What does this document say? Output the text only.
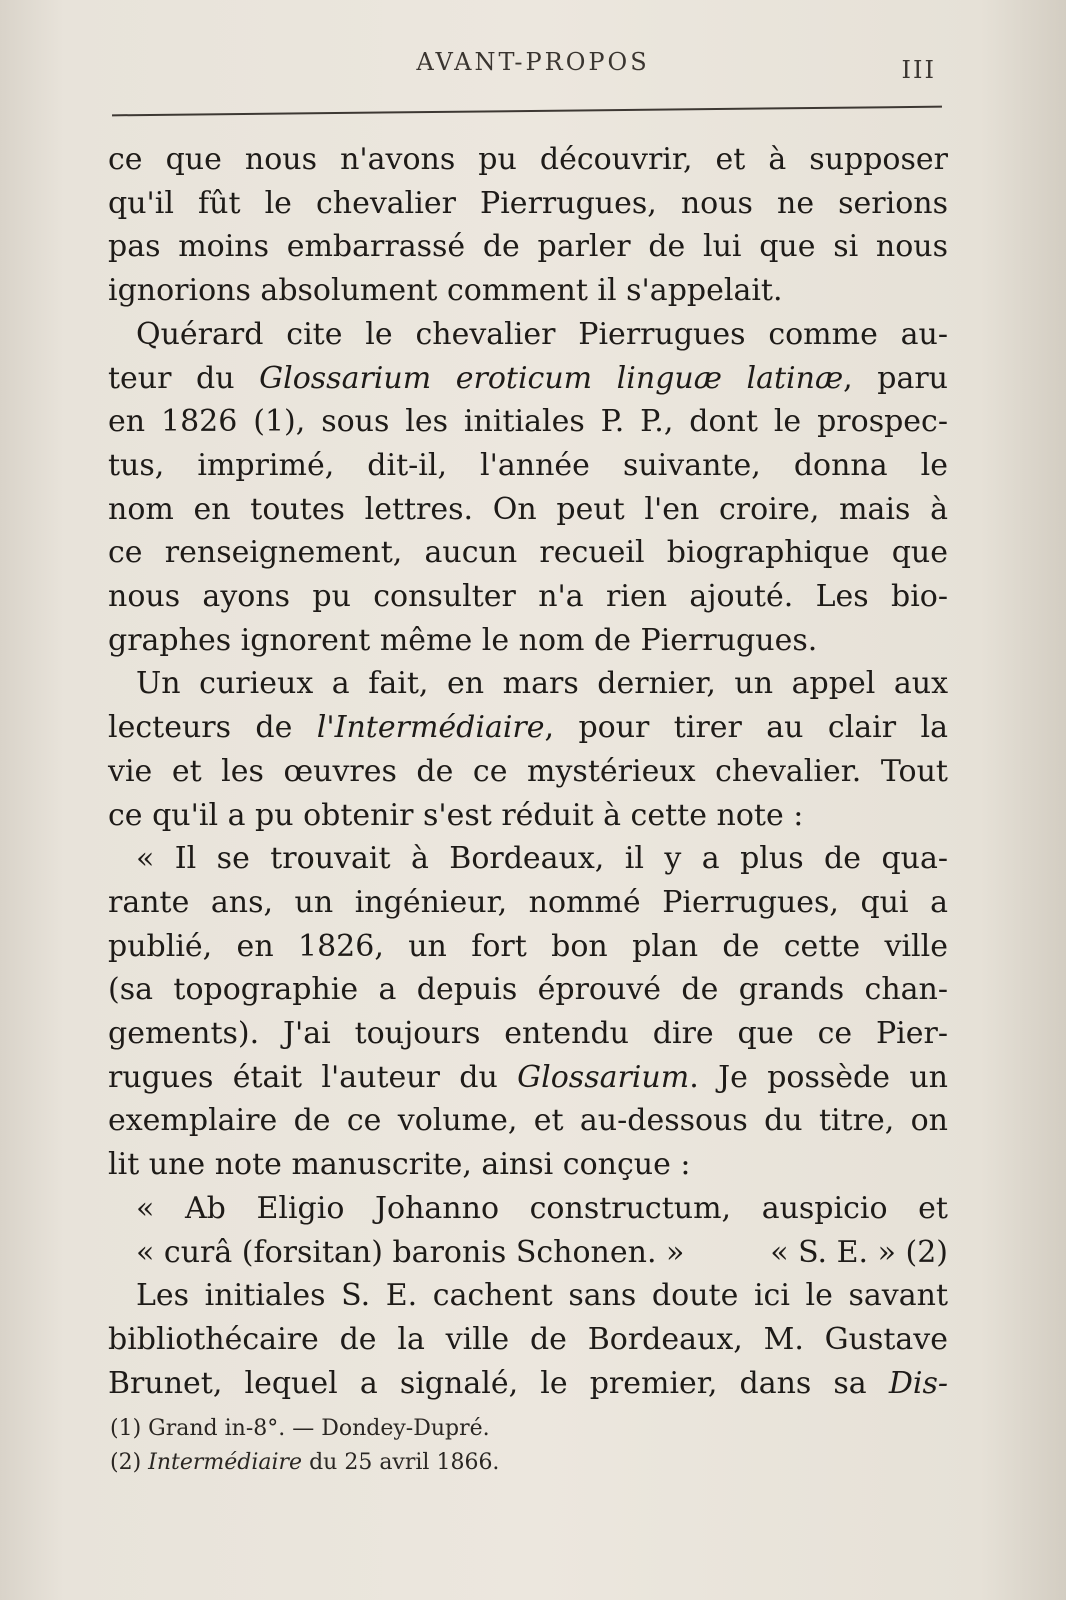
AVANT-PROPOS	III
ce que nous n'avons pu découvrir, et à supposer
qu'il fût le chevalier Pierrugues, nous ne serions
pas moins embarrassé de parler de lui que si nous
ignorions absolument comment il s'appelait.
Quérard cite le chevalier Pierrugues comme au-
teur du Glossarium eroticum linguæ latinæ, paru
en 1826 (1), sous les initiales P. P., dont le prospec-
tus, imprimé, dit-il, l'année suivante, donna le
nom en toutes lettres. On peut l'en croire, mais à
ce renseignement, aucun recueil biographique que
nous ayons pu consulter n'a rien ajouté. Les bio-
graphes ignorent même le nom de Pierrugues.
Un curieux a fait, en mars dernier, un appel aux
lecteurs de l'Intermédiaire, pour tirer au clair la
vie et les œuvres de ce mystérieux chevalier. Tout
ce qu'il a pu obtenir s'est réduit à cette note :
« Il se trouvait à Bordeaux, il y a plus de qua-
rante ans, un ingénieur, nommé Pierrugues, qui a
publié, en 1826, un fort bon plan de cette ville
(sa topographie a depuis éprouvé de grands chan-
gements). J'ai toujours entendu dire que ce Pier-
rugues était l'auteur du Glossarium. Je possède un
exemplaire de ce volume, et au-dessous du titre, on
lit une note manuscrite, ainsi conçue :
« Ab Eligio Johanno constructum, auspicio et
« curâ (forsitan) baronis Schonen. »	« S. E. » (2)
Les initiales S. E. cachent sans doute ici le savant
bibliothécaire de la ville de Bordeaux, M. Gustave
Brunet, lequel a signalé, le premier, dans sa Dis-
(1) Grand in-8°. — Dondey-Dupré.
(2) Intermédiaire du 25 avril 1866.
